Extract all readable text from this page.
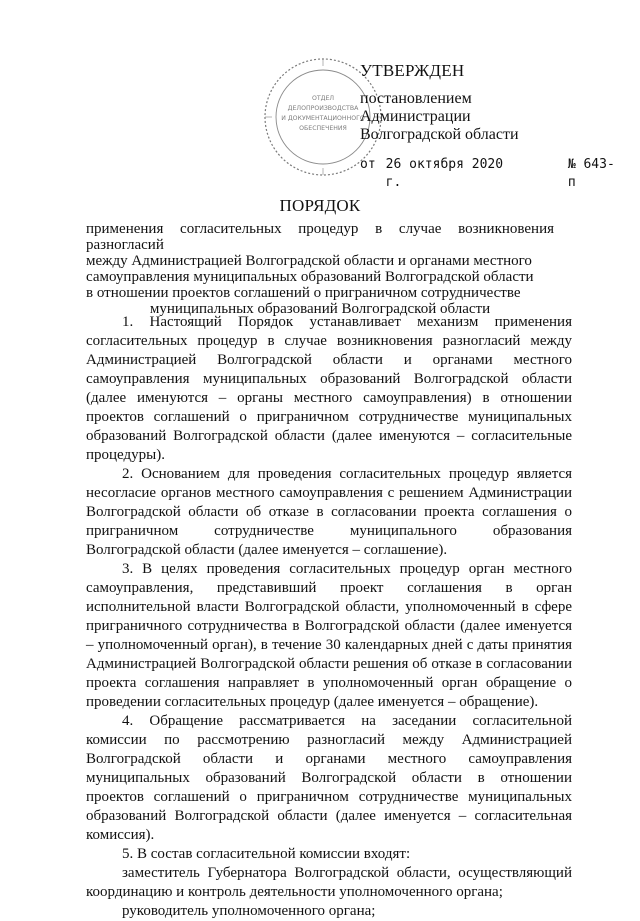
ОТДЕЛ
ДЕЛОПРОИЗВОДСТВА
И ДОКУМЕНТАЦИОННОГО
ОБЕСПЕЧЕНИЯ
УТВЕРЖДЕН

постановлением

Администрации

Волгоградской области

от 26 октября 2020 г.
№ 643-п
ПОРЯДОК
применения согласительных процедур в случае возникновения разногласий
между Администрацией Волгоградской области и органами местного
самоуправления муниципальных образований Волгоградской области
в отношении проектов соглашений о приграничном сотрудничестве

муниципальных образований Волгоградской области

1. Настоящий Порядок устанавливает механизм применения согласительных процедур в случае возникновения разногласий между Администрацией Волгоградской области и органами местного самоуправления муниципальных образований Волгоградской области (далее именуются – органы местного самоуправления) в отношении проектов соглашений о приграничном сотрудничестве муниципальных образований Волгоградской области (далее именуются – согласительные процедуры).

2. Основанием для проведения согласительных процедур является несогласие органов местного самоуправления с решением Администрации Волгоградской области об отказе в согласовании проекта соглашения о приграничном сотрудничестве муниципального образования Волгоградской области (далее именуется – соглашение).

3. В целях проведения согласительных процедур орган местного самоуправления, представивший проект соглашения в орган исполнительной власти Волгоградской области, уполномоченный в сфере приграничного сотрудничества в Волгоградской области (далее именуется – уполномоченный орган), в течение 30 календарных дней с даты принятия Администрацией Волгоградской области решения об отказе в согласовании проекта соглашения направляет в уполномоченный орган обращение о проведении согласительных процедур (далее именуется – обращение).

4. Обращение рассматривается на заседании согласительной комиссии по рассмотрению разногласий между Администрацией Волгоградской области и органами местного самоуправления муниципальных образований Волгоградской области в отношении проектов соглашений о приграничном сотрудничестве муниципальных образований Волгоградской области (далее именуется – согласительная комиссия).

5. В состав согласительной комиссии входят:

заместитель Губернатора Волгоградской области, осуществляющий координацию и контроль деятельности уполномоченного органа;

руководитель уполномоченного органа;
